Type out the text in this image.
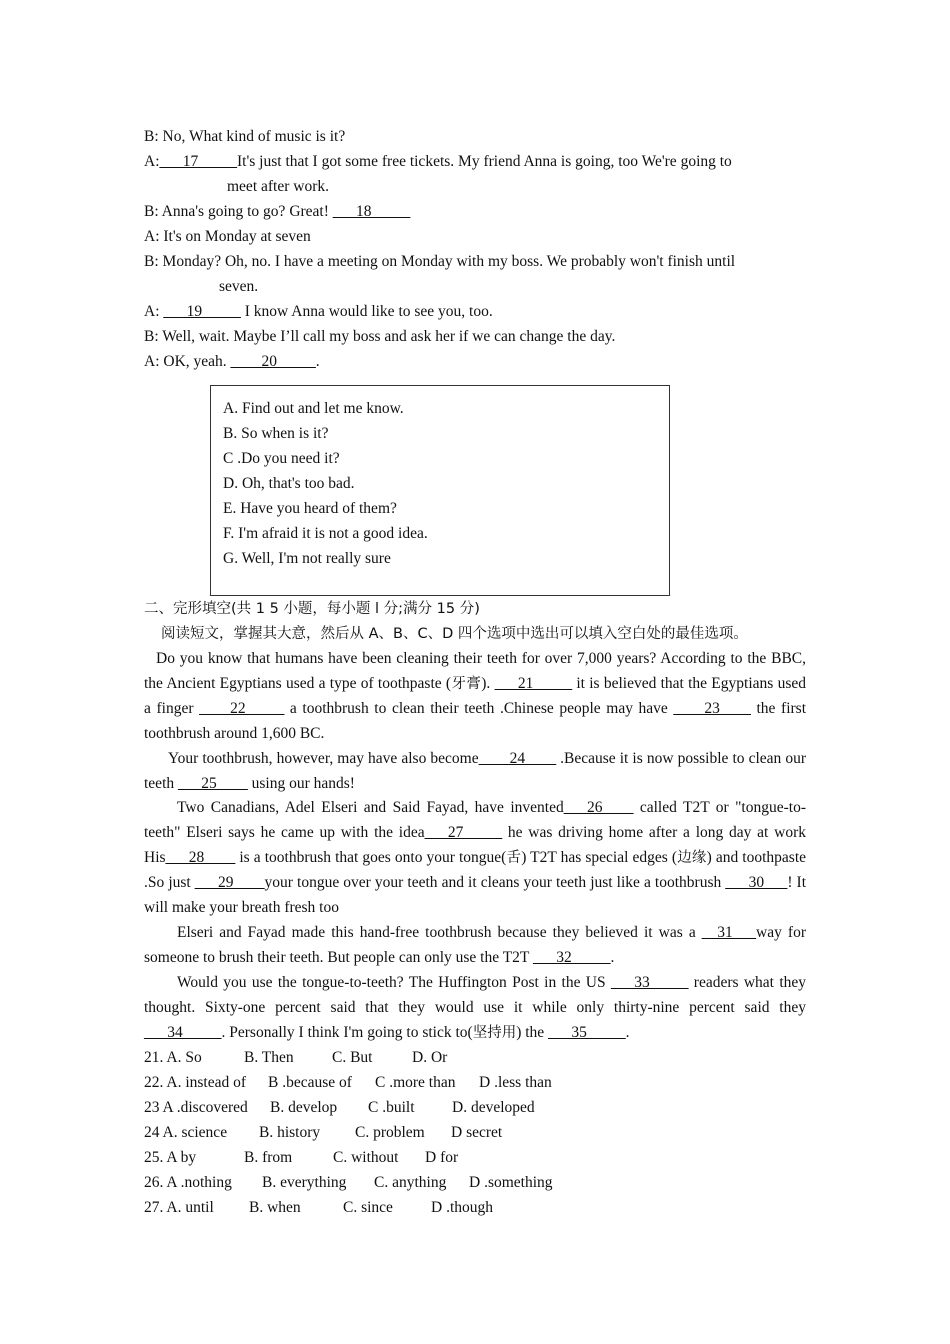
B: No, What kind of music is it?
A:___17_____It's just that I got some free tickets. My friend Anna is going, too We're going to
meet after work.
B: Anna's going to go? Great! ___18_____
A: It's on Monday at seven
B: Monday? Oh, no. I have a meeting on Monday with my boss. We probably won't finish until
seven.
A: ___19_____ I know Anna would like to see you, too.
B: Well, wait. Maybe I’ll call my boss and ask her if we can change the day.
A: OK, yeah. ____20_____.
A. Find out and let me know.
B. So when is it?
C .Do you need it?
D. Oh, that's too bad.
E. Have you heard of them?
F. I'm afraid it is not a good idea.
G. Well, I'm not really sure
二、完形填空(共 1 5 小题，每小题 l 分;满分 15 分)
阅读短文，掌握其大意，然后从 A、B、C、D 四个选项中选出可以填入空白处的最佳选项。
Do you know that humans have been cleaning their teeth for over 7,000 years? According to the BBC, the Ancient Egyptians used a type of toothpaste (牙膏). ___21_____ it is believed that the Egyptians used a finger ____22_____ a toothbrush to clean their teeth .Chinese people may have ____23____ the first toothbrush around 1,600 BC.
Your toothbrush, however, may have also become____24____ .Because it is now possible to clean our teeth ___25____ using our hands!
Two Canadians, Adel Elseri and Said Fayad, have invented___26____ called T2T or "tongue-to-teeth" Elseri says he came up with the idea___27_____ he was driving home after a long day at work His___28____ is a toothbrush that goes onto your tongue(舌) T2T has special edges (边缘) and toothpaste .So just ___29____your tongue over your teeth and it cleans your teeth just like a toothbrush ___30___! It will make your breath fresh too
Elseri and Fayad made this hand-free toothbrush because they believed it was a __31___way for someone to brush their teeth. But people can only use the T2T ___32_____.
Would you use the tongue-to-teeth? The Huffington Post in the US ___33_____ readers what they thought. Sixty-one percent said that they would use it while only thirty-nine percent said they ___34_____. Personally I think I'm going to stick to(坚持用) the ___35_____.
21. A. So	B. Then C. But	D. Or
22. A. instead of B .because of C .more than D .less than
23 A .discovered B. develop C .built D. developed
24 A. science B. history C. problem D secret
25. A by	B. from	C. without D for
26. A .nothing B. everything C. anything D .something
27. A. until B. when	C. since D .though
